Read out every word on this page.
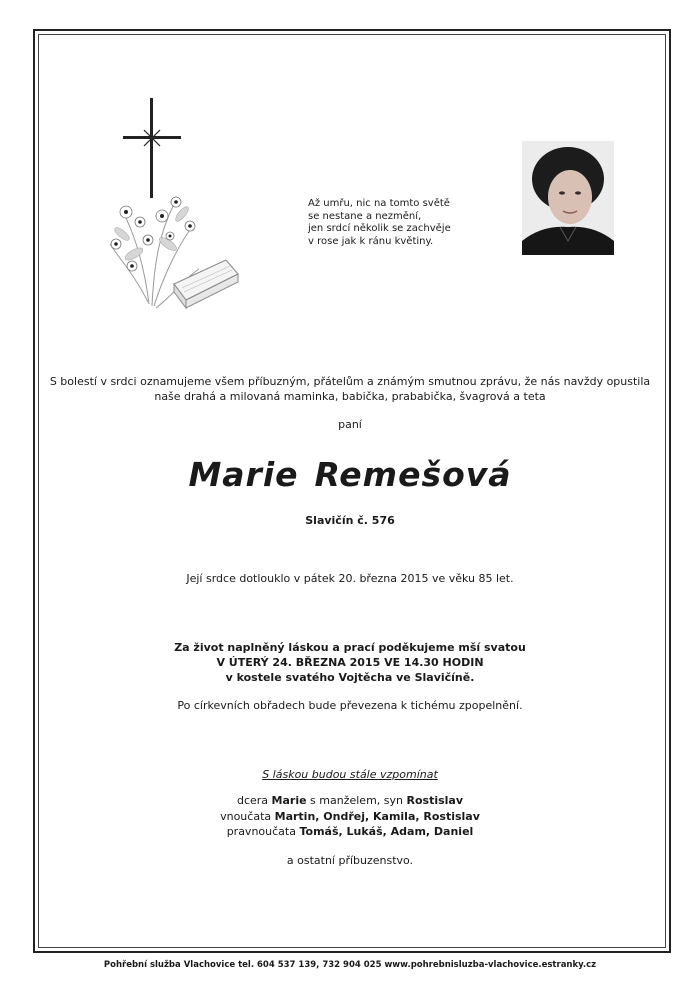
Až umřu, nic na tomto světě
se nestane a nezmění,
jen srdcí několik se zachvěje
v rose jak k ránu květiny.
S bolestí v srdci oznamujeme všem příbuzným, přátelům a známým smutnou zprávu, že nás navždy opustila
naše drahá a milovaná maminka, babička, prababička, švagrová a teta
paní
Marie Remešová
Slavičín č. 576
Její srdce dotlouklo v pátek 20. března 2015 ve věku 85 let.
Za život naplněný láskou a prací poděkujeme mší svatou
V ÚTERÝ 24. BŘEZNA 2015 VE 14.30 HODIN
v kostele svatého Vojtěcha ve Slavičíně.
Po církevních obřadech bude převezena k tichému zpopelnění.
S láskou budou stále vzpomínat
dcera Marie s manželem, syn Rostislav
vnoučata Martin, Ondřej, Kamila, Rostislav
pravnoučata Tomáš, Lukáš, Adam, Daniel
a ostatní příbuzenstvo.
Pohřební služba Vlachovice tel. 604 537 139, 732 904 025 www.pohrebnisluzba-vlachovice.estranky.cz
